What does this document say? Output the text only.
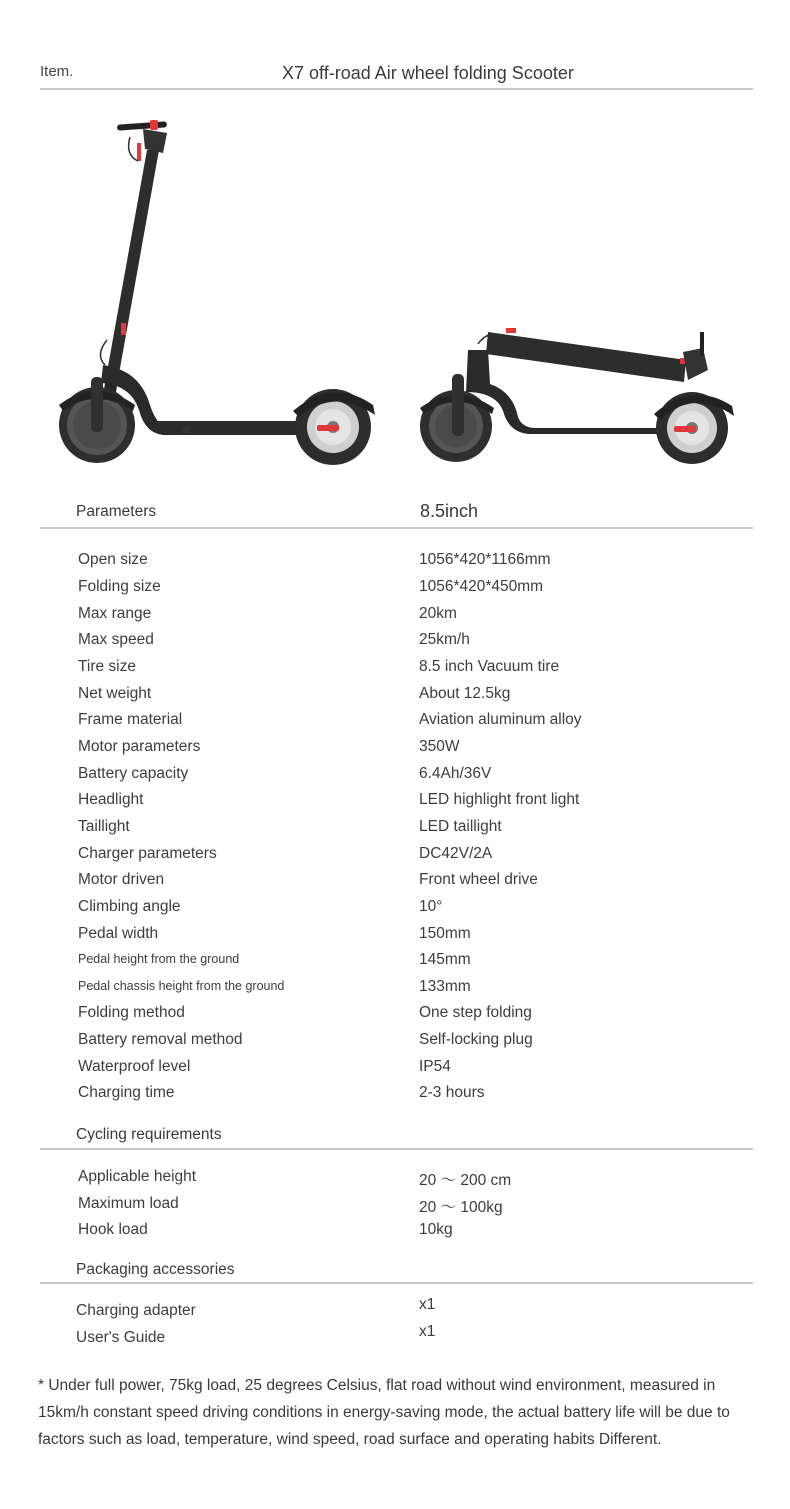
Item.	X7 off-road Air wheel folding Scooter
Parameters	8.5inch
Open size	1056*420*1166mm
Folding size	1056*420*450mm
Max range	20km
Max speed	25km/h
Tire size	8.5 inch Vacuum tire
Net weight	About 12.5kg
Frame material	Aviation aluminum alloy
Motor parameters	350W
Battery capacity	6.4Ah/36V
Headlight	LED highlight front light
Taillight	LED taillight
Charger parameters	DC42V/2A
Motor driven	Front wheel drive
Climbing angle	10°
Pedal width	150mm
Pedal height from the ground	145mm
Pedal chassis height from the ground	133mm
Folding method	One step folding
Battery removal method	Self-locking plug
Waterproof level	IP54
Charging time	2-3 hours
Cycling requirements
Applicable height	20 ～ 200 cm
Maximum load	20 ～ 100kg
Hook load	10kg
Packaging accessories
Charging adapter	x1
User's Guide	x1
* Under full power, 75kg load, 25 degrees Celsius, flat road without wind environment, measured in 15km/h constant speed driving conditions in energy-saving mode, the actual battery life will be due to factors such as load, temperature, wind speed, road surface and operating habits Different.
